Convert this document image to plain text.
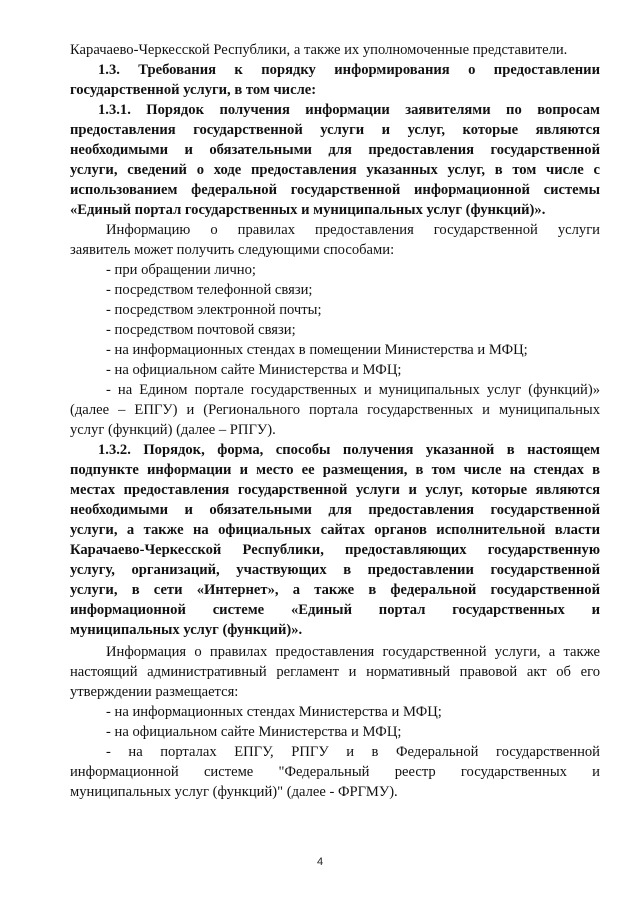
Карачаево-Черкесской Республики, а также их уполномоченные представители.
1.3. Требования к порядку информирования о предоставлении
государственной услуги, в том числе:
1.3.1. Порядок получения информации заявителями по вопросам
предоставления государственной услуги и услуг, которые являются
необходимыми и обязательными для предоставления государственной
услуги, сведений о ходе предоставления указанных услуг, в том числе с
использованием федеральной государственной информационной системы
«Единый портал государственных и муниципальных услуг (функций)».
Информацию о правилах предоставления государственной услуги
заявитель может получить следующими способами:
- при обращении лично;
- посредством телефонной связи;
- посредством электронной почты;
- посредством почтовой связи;
- на информационных стендах в помещении Министерства и МФЦ;
- на официальном сайте Министерства и МФЦ;
- на Едином портале государственных и муниципальных услуг (функций)»
(далее – ЕПГУ) и (Регионального портала государственных и муниципальных
услуг (функций) (далее – РПГУ).
1.3.2. Порядок, форма, способы получения указанной в настоящем
подпункте информации и место ее размещения, в том числе на стендах в
местах предоставления государственной услуги и услуг, которые являются
необходимыми и обязательными для предоставления государственной
услуги, а также на официальных сайтах органов исполнительной власти
Карачаево-Черкесской Республики, предоставляющих государственную
услугу, организаций, участвующих в предоставлении государственной
услуги, в сети «Интернет», а также в федеральной государственной
информационной системе «Единый портал государственных и
муниципальных услуг (функций)».
Информация о правилах предоставления государственной услуги, а также
настоящий административный регламент и нормативный правовой акт об его
утверждении размещается:
- на информационных стендах Министерства и МФЦ;
- на официальном сайте Министерства и МФЦ;
- на порталах ЕПГУ, РПГУ и в Федеральной государственной
информационной системе "Федеральный реестр государственных и
муниципальных услуг (функций)" (далее - ФРГМУ).
4
